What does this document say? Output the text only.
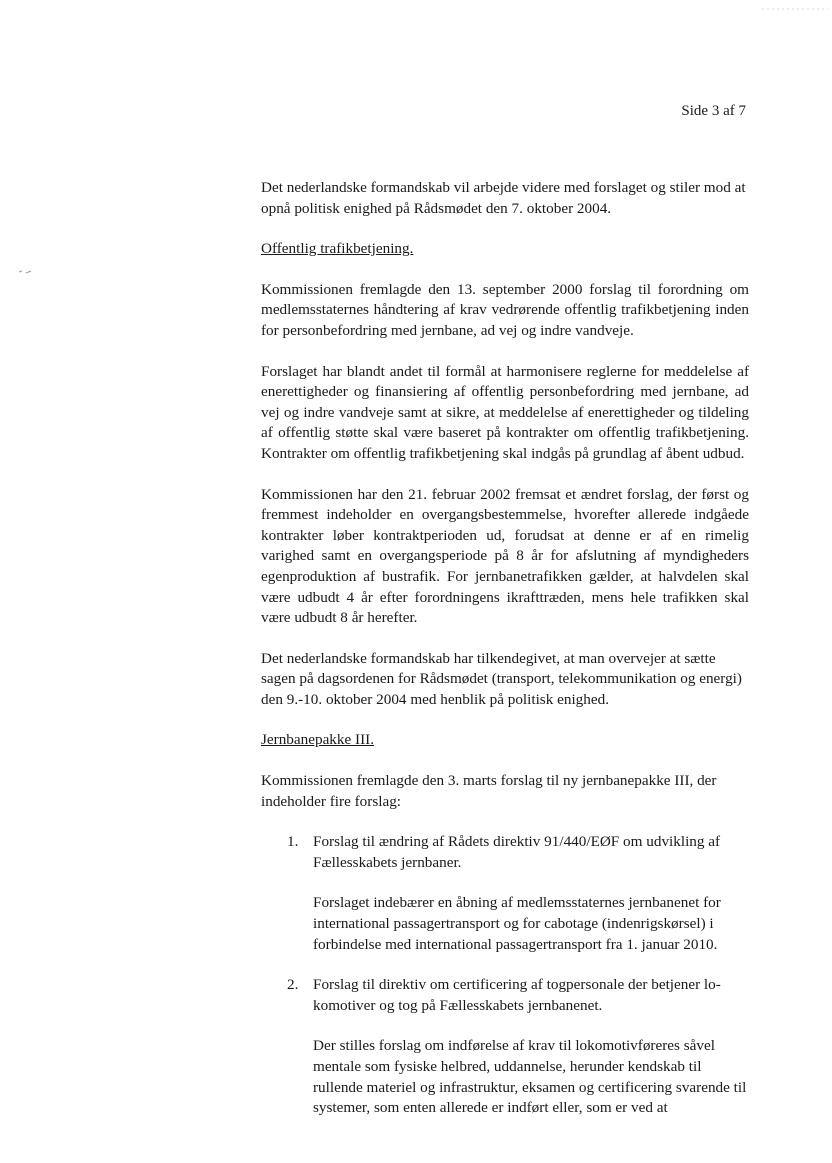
Side 3 af 7

Det nederlandske formandskab vil arbejde videre med forslaget og stiler mod at opnå politisk enighed på Rådsmødet den 7. oktober 2004.

Offentlig trafikbetjening.

Kommissionen fremlagde den 13. september 2000 forslag til forordning om medlemsstaternes håndtering af krav vedrørende offentlig trafikbetjening inden for personbefordring med jernbane, ad vej og indre vandveje.

Forslaget har blandt andet til formål at harmonisere reglerne for meddelelse af enerettigheder og finansiering af offentlig personbefordring med jernbane, ad vej og indre vandveje samt at sikre, at meddelelse af enerettigheder og tildeling af offentlig støtte skal være baseret på kontrakter om offentlig trafikbetjening. Kontrakter om offentlig trafikbetjening skal indgås på grundlag af åbent udbud.

Kommissionen har den 21. februar 2002 fremsat et ændret forslag, der først og fremmest indeholder en overgangsbestemmelse, hvorefter allerede indgåede kontrakter løber kontraktperioden ud, forudsat at denne er af en rimelig varighed samt en overgangsperiode på 8 år for afslutning af myndigheders egenproduktion af bustrafik. For jernbanetrafikken gælder, at halvdelen skal være udbudt 4 år efter forordningens ikrafttræden, mens hele trafikken skal være udbudt 8 år herefter.

Det nederlandske formandskab har tilkendegivet, at man overvejer at sætte sagen på dagsordenen for Rådsmødet (transport, telekommunikation og energi) den 9.-10. oktober 2004 med henblik på politisk enighed.

Jernbanepakke III.

Kommissionen fremlagde den 3. marts forslag til ny jernbanepakke III, der indeholder fire forslag:

1. Forslag til ændring af Rådets direktiv 91/440/EØF om udvikling af Fællesskabets jernbaner.

Forslaget indebærer en åbning af medlemsstaternes jernbanenet for international passagertransport og for cabotage (indenrigskørsel) i forbindelse med international passagertransport fra 1. januar 2010.

2. Forslag til direktiv om certificering af togpersonale der betjener lokomotiver og tog på Fællesskabets jernbanenet.

Der stilles forslag om indførelse af krav til lokomotivføreres såvel mentale som fysiske helbred, uddannelse, herunder kendskab til rullende materiel og infrastruktur, eksamen og certificering svarende til systemer, som enten allerede er indført eller, som er ved at
